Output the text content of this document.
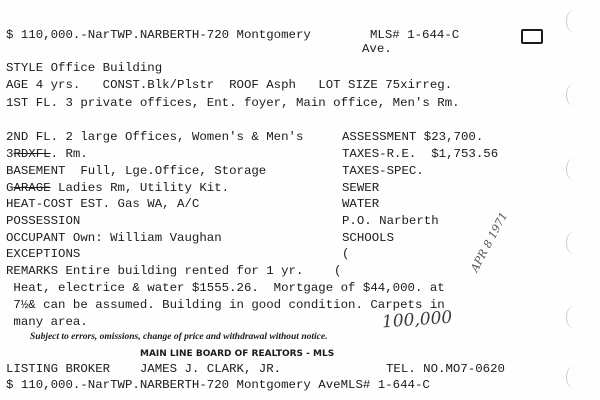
$ 110,000.-NarTWP.NARBERTH-720 Montgomery
Ave.
MLS# 1-644-C
STYLE Office Building
AGE 4 yrs.   CONST.Blk/Plstr  ROOF Asph   LOT SIZE 75xirreg.
1ST FL. 3 private offices, Ent. foyer, Main office, Men's Rm.
2ND FL. 2 large Offices, Women's & Men's
3RDXFL. Rm.
BASEMENT  Full, Lge.Office, Storage
GARAGE Ladies Rm, Utility Kit.
HEAT-COST EST. Gas WA, A/C
POSSESSION
OCCUPANT Own: William Vaughan
EXCEPTIONS
REMARKS Entire building rented for 1 yr.
Heat, electrice & water $1555.26.  Mortgage of $44,000. at
7½& can be assumed. Building in good condition. Carpets in
many area.
ASSESSMENT $23,700.
TAXES-R.E.  $1,753.56
TAXES-SPEC.
SEWER
WATER
P.O. Narberth
SCHOOLS
(
(	APR 8 1971
100,000
Subject to errors, omissions, change of price and withdrawal without notice.
MAIN LINE BOARD OF REALTORS - MLS
LISTING BROKER    JAMES J. CLARK, JR.	TEL. NO.MO7-0620
$ 110,000.-NarTWP.NARBERTH-720 Montgomery AveMLS# 1-644-C
